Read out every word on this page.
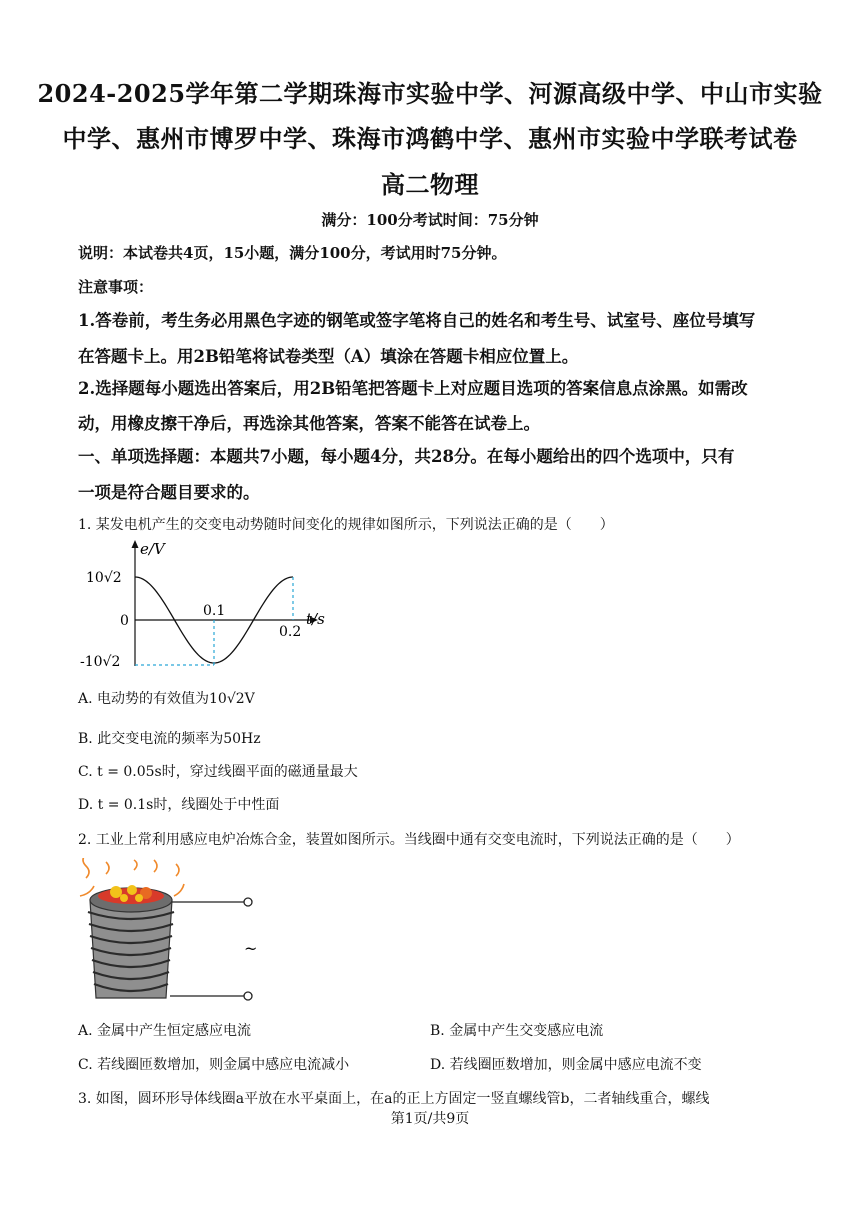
2024-2025学年第二学期珠海市实验中学、河源高级中学、中山市实验
中学、惠州市博罗中学、珠海市鸿鹤中学、惠州市实验中学联考试卷
高二物理
满分：100分考试时间：75分钟
说明：本试卷共4页，15小题，满分100分，考试用时75分钟。
注意事项：
1.答卷前，考生务必用黑色字迹的钢笔或签字笔将自己的姓名和考生号、试室号、座位号填写
在答题卡上。用2B铅笔将试卷类型（A）填涂在答题卡相应位置上。
2.选择题每小题选出答案后，用2B铅笔把答题卡上对应题目选项的答案信息点涂黑。如需改
动，用橡皮擦干净后，再选涂其他答案，答案不能答在试卷上。
一、单项选择题：本题共7小题，每小题4分，共28分。在每小题给出的四个选项中，只有
一项是符合题目要求的。
1. 某发电机产生的交变电动势随时间变化的规律如图所示，下列说法正确的是（　　）
e/V
t/s
10√2
-10√2
0
0.1
0.2
A. 电动势的有效值为10√2V
B. 此交变电流的频率为50Hz
C. t = 0.05s时，穿过线圈平面的磁通量最大
D. t = 0.1s时，线圈处于中性面
2. 工业上常利用感应电炉冶炼合金，装置如图所示。当线圈中通有交变电流时，下列说法正确的是（　　）
~
A. 金属中产生恒定感应电流	B. 金属中产生交变感应电流
C. 若线圈匝数增加，则金属中感应电流减小	D. 若线圈匝数增加，则金属中感应电流不变
3. 如图，圆环形导体线圈a平放在水平桌面上，在a的正上方固定一竖直螺线管b，二者轴线重合，螺线
第1页/共9页
